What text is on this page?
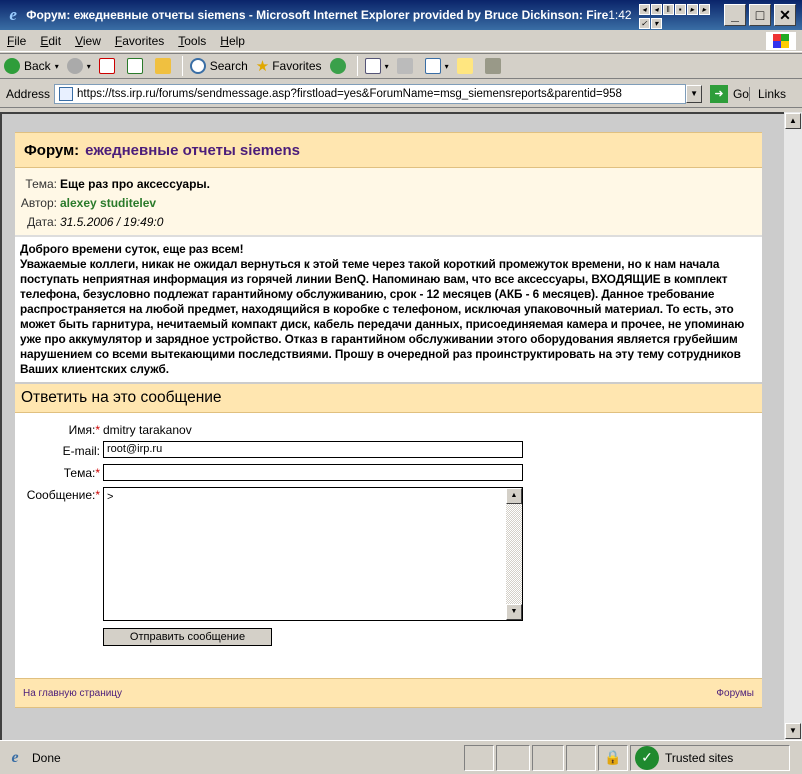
e Форум: ежедневные отчеты siemens - Microsoft Internet Explorer provided by Bruce Dickinson: Fire 1:42	◂ ◂ ‖ ▪ ▸ ▸✓ ▾
_	□	✕
File	Edit	View	Favorites	Tools	Help
Back ▾	▾	Search ★ Favorites	▾	▾
Address	https://tss.irp.ru/forums/sendmessage.asp?firstload=yes&ForumName=msg_siemensreports&parentid=958	▼	➜ Go Links
Форум: ежедневные отчеты siemens
Тема: Еще раз про аксессуары.
Автор: alexey studitelev
Дата: 31.5.2006 / 19:49:0
Доброго времени суток, еще раз всем!
Уважаемые коллеги, никак не ожидал вернуться к этой теме через такой короткий промежуток времени, но к нам начала поступать неприятная информация из горячей линии BenQ. Напоминаю вам, что все аксессуары, ВХОДЯЩИЕ в комплект телефона, безусловно подлежат гарантийному обслуживанию, срок - 12 месяцев (АКБ - 6 месяцев). Данное требование распространяется на любой предмет, находящийся в коробке с телефоном, исключая упаковочный материал. То есть, это может быть гарнитура, нечитаемый компакт диск, кабель передачи данных, присоединяемая камера и прочее, не упоминаю уже про аккумулятор и зарядное устройство. Отказ в гарантийном обслуживании этого оборудования является грубейшим нарушением со всеми вытекающими последствиями. Прошу в очередной раз проинструктировать на эту тему сотрудников Ваших клиентских служб.
Ответить на это сообщение
Имя:* dmitry tarakanov
E-mail: root@irp.ru
Тема:*
Сообщение:* >	▲
▼
Отправить сообщение
На главную страницу	Форумы
▲
▼
e	Done	🔒	✓	Trusted sites
